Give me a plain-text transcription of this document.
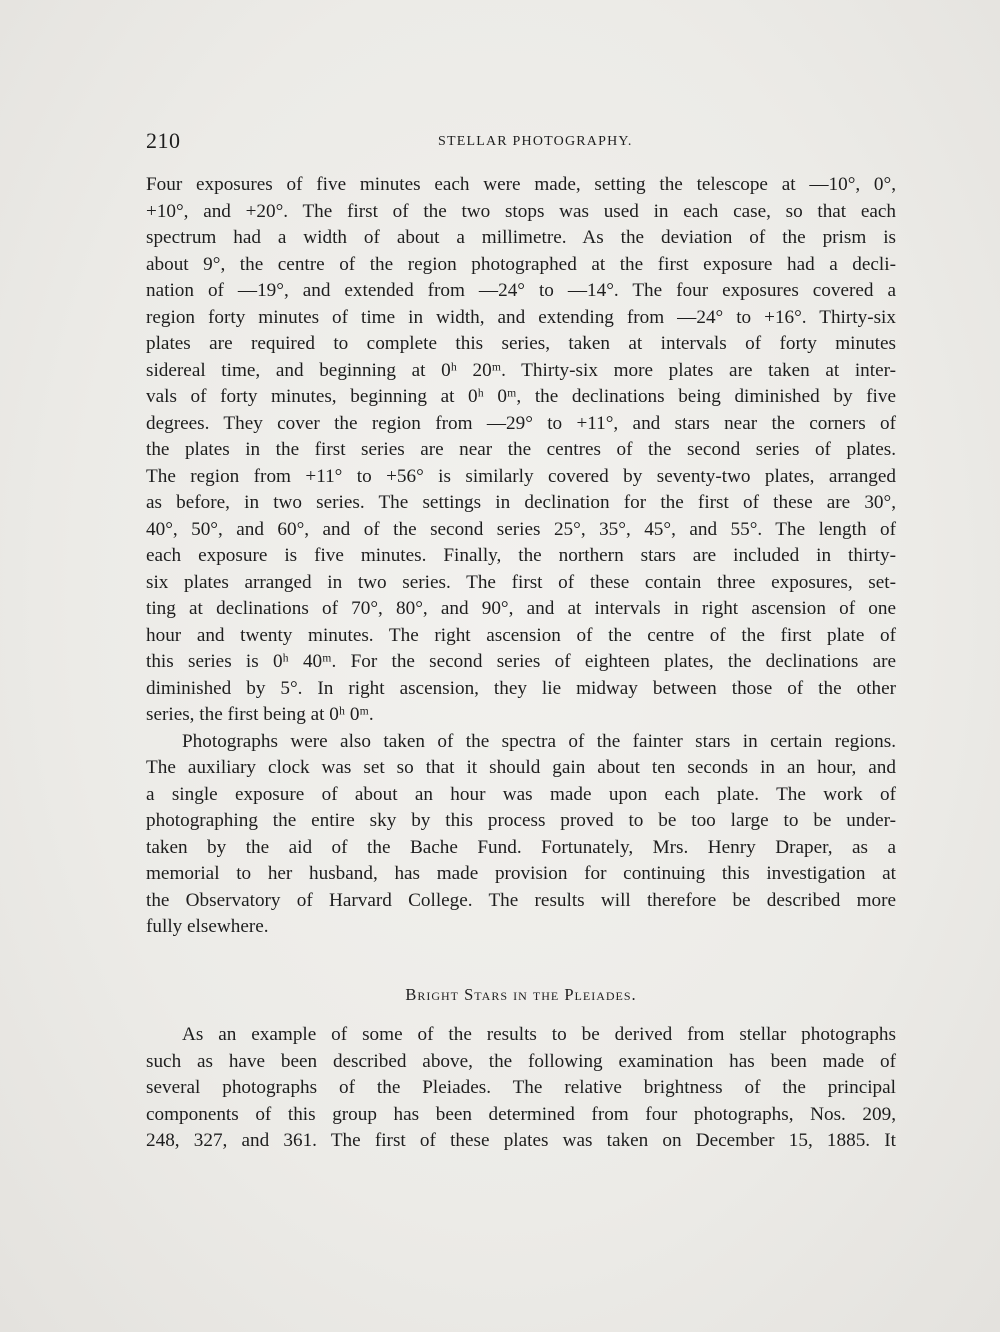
210	STELLAR PHOTOGRAPHY.
Four exposures of five minutes each were made, setting the telescope at —10°, 0°,
+10°, and +20°. The first of the two stops was used in each case, so that each
spectrum had a width of about a millimetre. As the deviation of the prism is
about 9°, the centre of the region photographed at the first exposure had a decli-
nation of —19°, and extended from —24° to —14°. The four exposures covered a
region forty minutes of time in width, and extending from —24° to +16°. Thirty-six
plates are required to complete this series, taken at intervals of forty minutes
sidereal time, and beginning at 0ʰ 20ᵐ. Thirty-six more plates are taken at inter-
vals of forty minutes, beginning at 0ʰ 0ᵐ, the declinations being diminished by five
degrees. They cover the region from —29° to +11°, and stars near the corners of
the plates in the first series are near the centres of the second series of plates.
The region from +11° to +56° is similarly covered by seventy-two plates, arranged
as before, in two series. The settings in declination for the first of these are 30°,
40°, 50°, and 60°, and of the second series 25°, 35°, 45°, and 55°. The length of
each exposure is five minutes. Finally, the northern stars are included in thirty-
six plates arranged in two series. The first of these contain three exposures, set-
ting at declinations of 70°, 80°, and 90°, and at intervals in right ascension of one
hour and twenty minutes. The right ascension of the centre of the first plate of
this series is 0ʰ 40ᵐ. For the second series of eighteen plates, the declinations are
diminished by 5°. In right ascension, they lie midway between those of the other
series, the first being at 0ʰ 0ᵐ.
Photographs were also taken of the spectra of the fainter stars in certain regions.
The auxiliary clock was set so that it should gain about ten seconds in an hour, and
a single exposure of about an hour was made upon each plate. The work of
photographing the entire sky by this process proved to be too large to be under-
taken by the aid of the Bache Fund. Fortunately, Mrs. Henry Draper, as a
memorial to her husband, has made provision for continuing this investigation at
the Observatory of Harvard College. The results will therefore be described more
fully elsewhere.
Bright Stars in the Pleiades.
As an example of some of the results to be derived from stellar photographs
such as have been described above, the following examination has been made of
several photographs of the Pleiades. The relative brightness of the principal
components of this group has been determined from four photographs, Nos. 209,
248, 327, and 361. The first of these plates was taken on December 15, 1885. It
